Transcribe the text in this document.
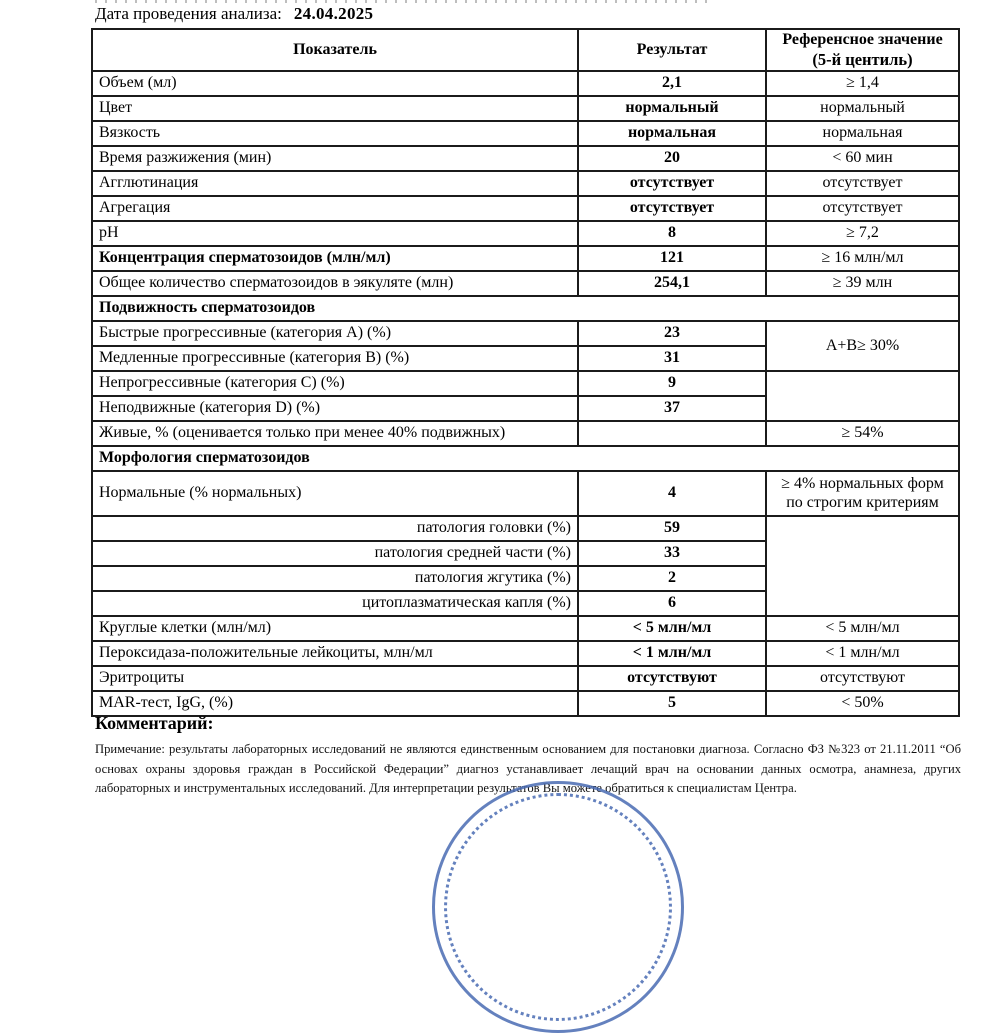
Дата проведения анализа: 24.04.2025
Показатель	Результат	Референсное значение
(5-й центиль)

Объем (мл)	2,1	≥ 1,4
Цвет	нормальный	нормальный
Вязкость	нормальная	нормальная
Время разжижения (мин)	20	< 60 мин
Агглютинация	отсутствует	отсутствует
Агрегация	отсутствует	отсутствует
pH	8	≥ 7,2
Концентрация сперматозоидов (млн/мл)	121	≥ 16 млн/мл
Общее количество сперматозоидов в эякуляте (млн)	254,1	≥ 39 млн
Подвижность сперматозоидов		
Быстрые прогрессивные (категория A) (%)	23	A+B≥ 30%
Медленные прогрессивные (категория B) (%)	31	
Непрогрессивные (категория C) (%)	9	
Неподвижные (категория D) (%)	37	
Живые, % (оценивается только при менее 40% подвижных)		≥ 54%
Морфология сперматозоидов		
Нормальные (% нормальных)	4	≥ 4% нормальных форм
по строгим критериям

патология головки (%)	59	
патология средней части (%)	33	
патология жгутика (%)	2	
цитоплазматическая капля (%)	6	
Круглые клетки (млн/мл)	< 5 млн/мл	< 5 млн/мл
Пероксидаза-положительные лейкоциты, млн/мл	< 1 млн/мл	< 1 млн/мл
Эритроциты	отсутствуют	отсутствуют
MAR-тест, IgG, (%)	5	< 50%
Комментарий:
Примечание: результаты лабораторных исследований не являются единственным основанием для постановки диагноза. Согласно ФЗ №323 от 21.11.2011 “Об основах охраны здоровья граждан в Российской Федерации” диагноз устанавливает лечащий врач на основании данных осмотра, анамнеза, других лабораторных и инструментальных исследований. Для интерпретации результатов Вы можете обратиться к специалистам Центра.
